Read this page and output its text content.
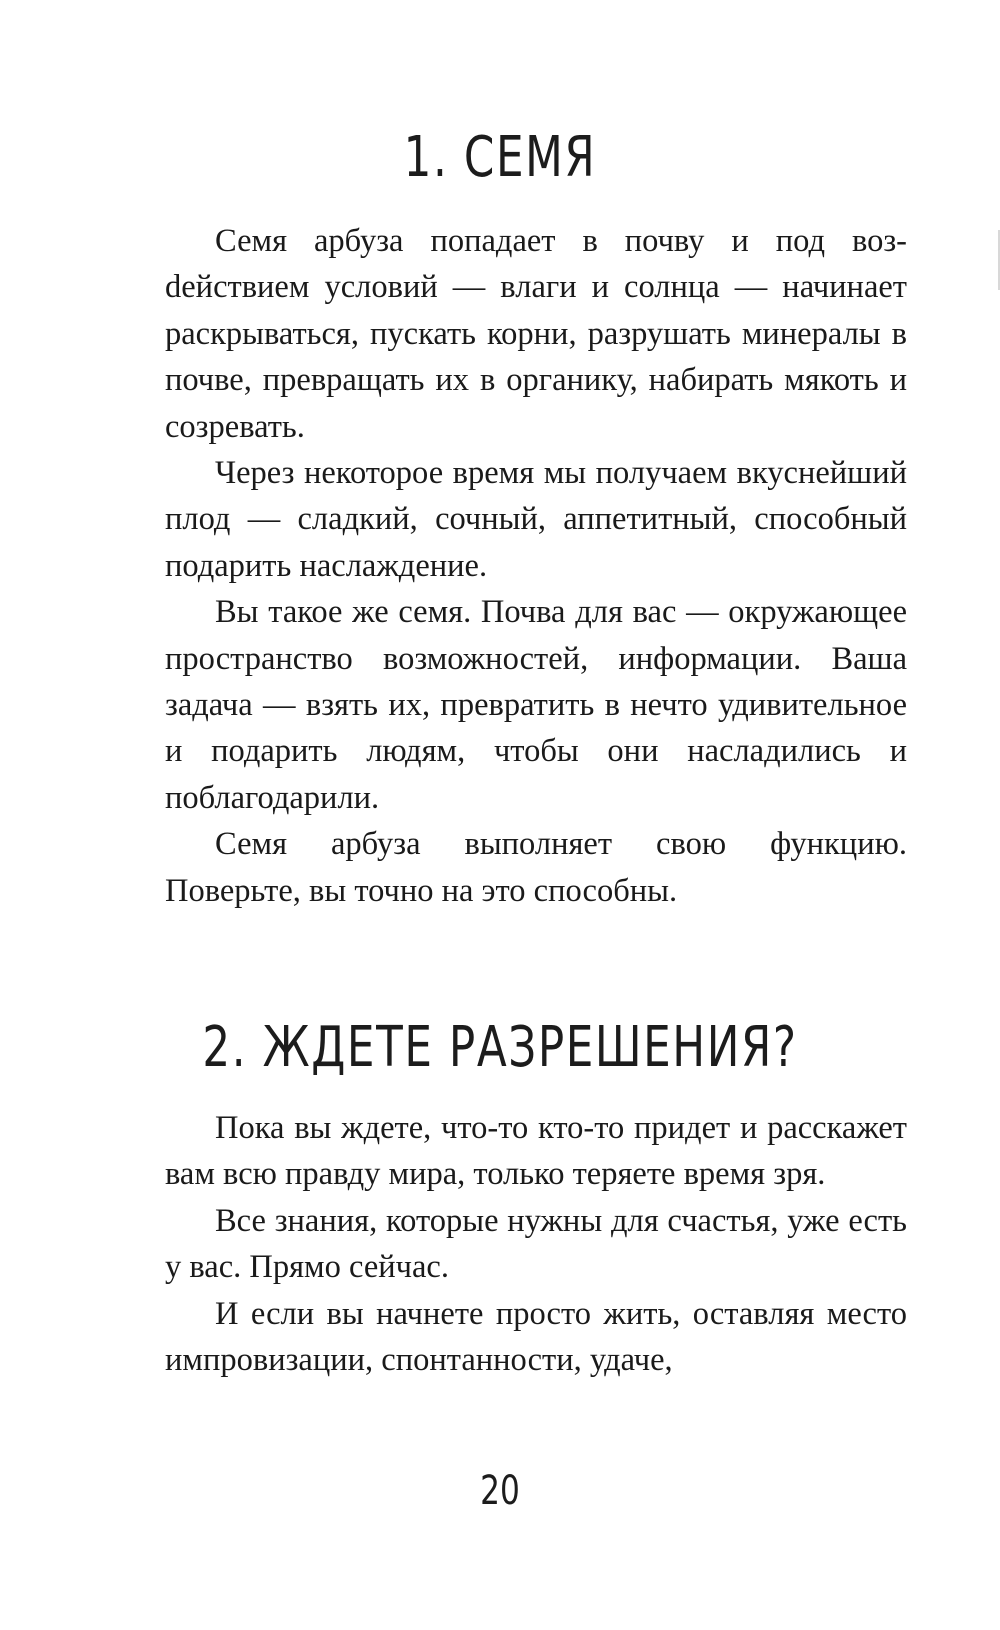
1. СЕМЯ

Семя арбуза попадает в почву и под возdействием условий — влаги и солнца — начинает раскрываться, пускать корни, разрушать минералы в почве, превращать их в органику, набирать мякоть и созревать.

Через некоторое время мы получаем вкуснейший плод — сладкий, сочный, аппетитный, способный подарить наслаждение.

Вы такое же семя. Почва для вас — окружающее пространство возможностей, информации. Ваша задача — взять их, превратить в нечто удивительное и подарить людям, чтобы они насладились и поблагодарили.

Семя арбуза выполняет свою функцию. Поверьте, вы точно на это способны.

2. ЖДЕТЕ РАЗРЕШЕНИЯ?

Пока вы ждете, что-то кто-то придет и расскажет вам всю правду мира, только теряете время зря.

Все знания, которые нужны для счастья, уже есть у вас. Прямо сейчас.

И если вы начнете просто жить, оставляя место импровизации, спонтанности, удаче,

20
